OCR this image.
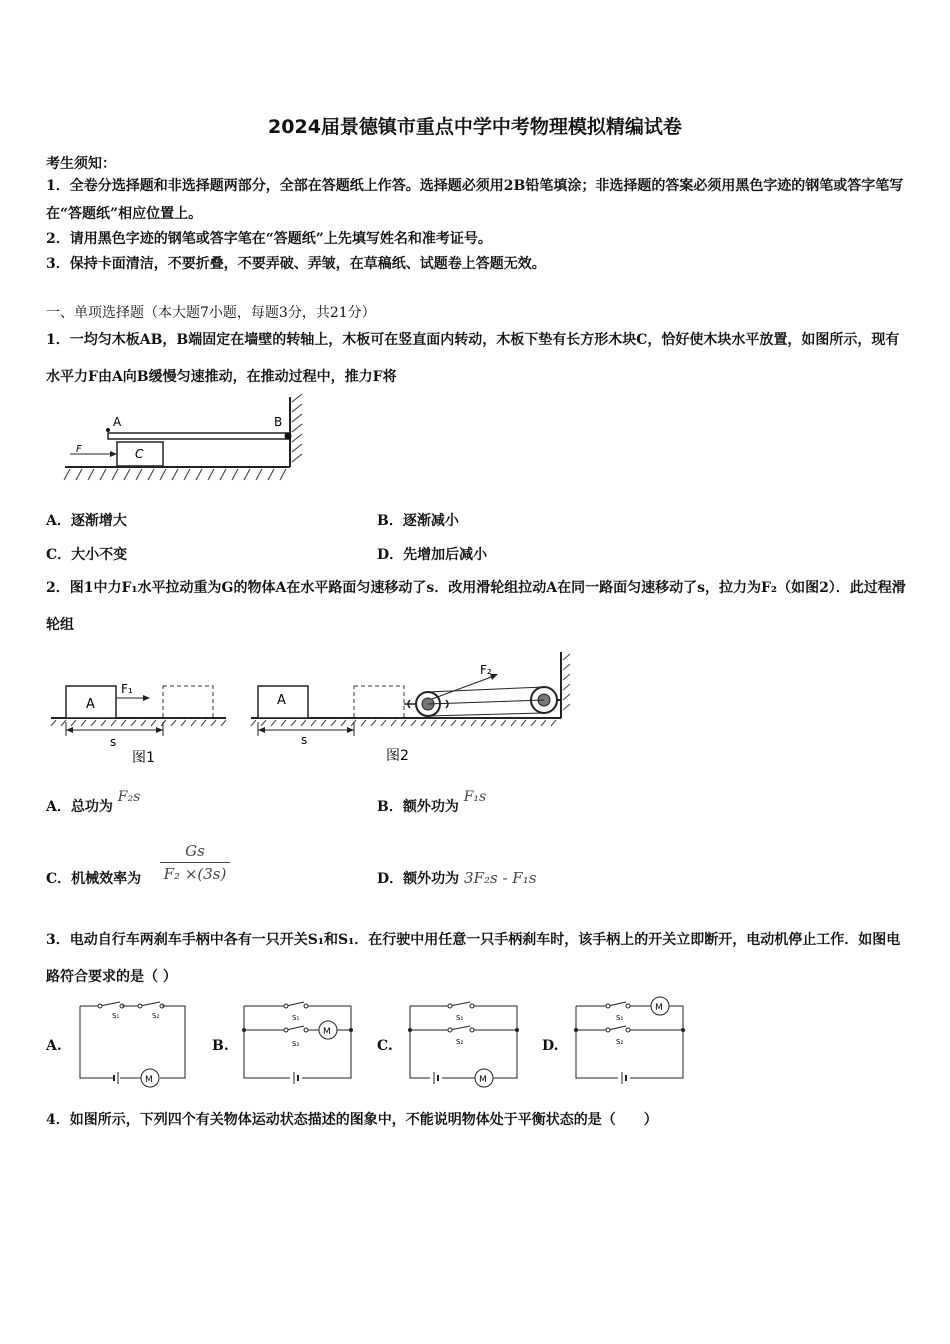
2024届景德镇市重点中学中考物理模拟精编试卷
考生须知：
1．全卷分选择题和非选择题两部分，全部在答题纸上作答。选择题必须用2B铅笔填涂；非选择题的答案必须用黑色字迹的钢笔或答字笔写在“答题纸”相应位置上。
2．请用黑色字迹的钢笔或答字笔在“答题纸”上先填写姓名和准考证号。
3．保持卡面清洁，不要折叠，不要弄破、弄皱，在草稿纸、试题卷上答题无效。
一、单项选择题（本大题7小题，每题3分，共21分）
1．一均匀木板AB，B端固定在墙壁的转轴上，木板可在竖直面内转动，木板下垫有长方形木块C，恰好使木块水平放置，如图所示，现有水平力F由A向B缓慢匀速推动，在推动过程中，推力F将
A	B
C
F
A．逐渐增大	B．逐渐减小
C．大小不变	D．先增加后减小
2．图1中力F₁水平拉动重为G的物体A在水平路面匀速移动了s．改用滑轮组拉动A在同一路面匀速移动了s，拉力为F₂（如图2）．此过程滑轮组
A
F₁
s
图1
A
F₂
s
图2
A．总功为 F₂s
B．额外功为 F₁s
C．机械效率为 $\frac{Gs}{\text{F₂ ×(3s)}}$	D．额外功为 3F₂s - F₁s
3．电动自行车两刹车手柄中各有一只开关S₁和S₁．在行驶中用任意一只手柄刹车时，该手柄上的开关立即断开，电动机停止工作．如图电路符合要求的是（ ）
A.	B.	C.	D.
M
S₁	S₂
M
S₁
S₂
M
S₁
S₂
M
S₁
S₂
4．如图所示，下列四个有关物体运动状态描述的图象中，不能说明物体处于平衡状态的是（　　）
